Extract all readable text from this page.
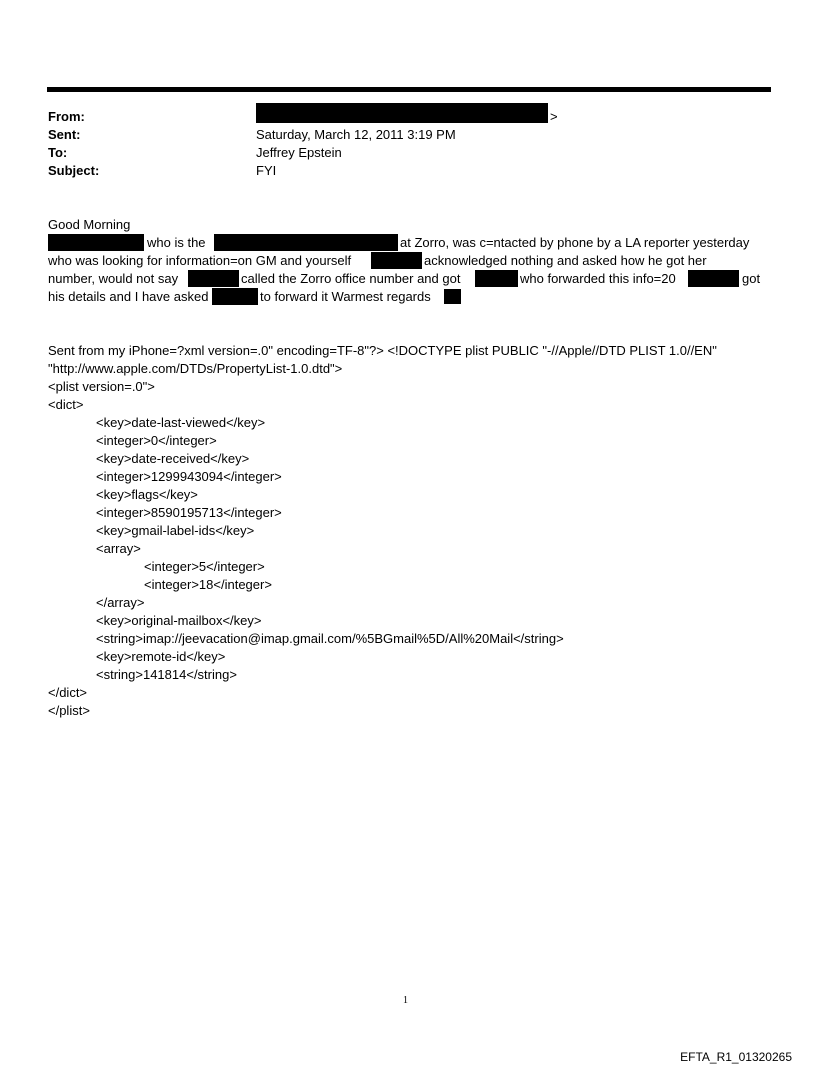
From:	>
Sent:	Saturday, March 12, 2011 3:19 PM
To:	Jeffrey Epstein
Subject:	FYI
Good Morning
who is the	at Zorro, was c=ntacted by phone by a LA reporter yesterday
who was looking for information=on GM and yourself	acknowledged nothing and asked how he got her
number, would not say	called the Zorro office number and got	who forwarded this info=20	got
his details and I have asked	to forward it Warmest regards
Sent from my iPhone=?xml version=.0" encoding=TF-8"?> <!DOCTYPE plist PUBLIC "-//Apple//DTD PLIST 1.0//EN"
"http://www.apple.com/DTDs/PropertyList-1.0.dtd">
<plist version=.0">
<dict>
<key>date-last-viewed</key>
<integer>0</integer>
<key>date-received</key>
<integer>1299943094</integer>
<key>flags</key>
<integer>8590195713</integer>
<key>gmail-label-ids</key>
<array>
<integer>5</integer>
<integer>18</integer>
</array>
<key>original-mailbox</key>
<string>imap://jeevacation@imap.gmail.com/%5BGmail%5D/All%20Mail</string>
<key>remote-id</key>
<string>141814</string>
</dict>
</plist>
1
EFTA_R1_01320265
